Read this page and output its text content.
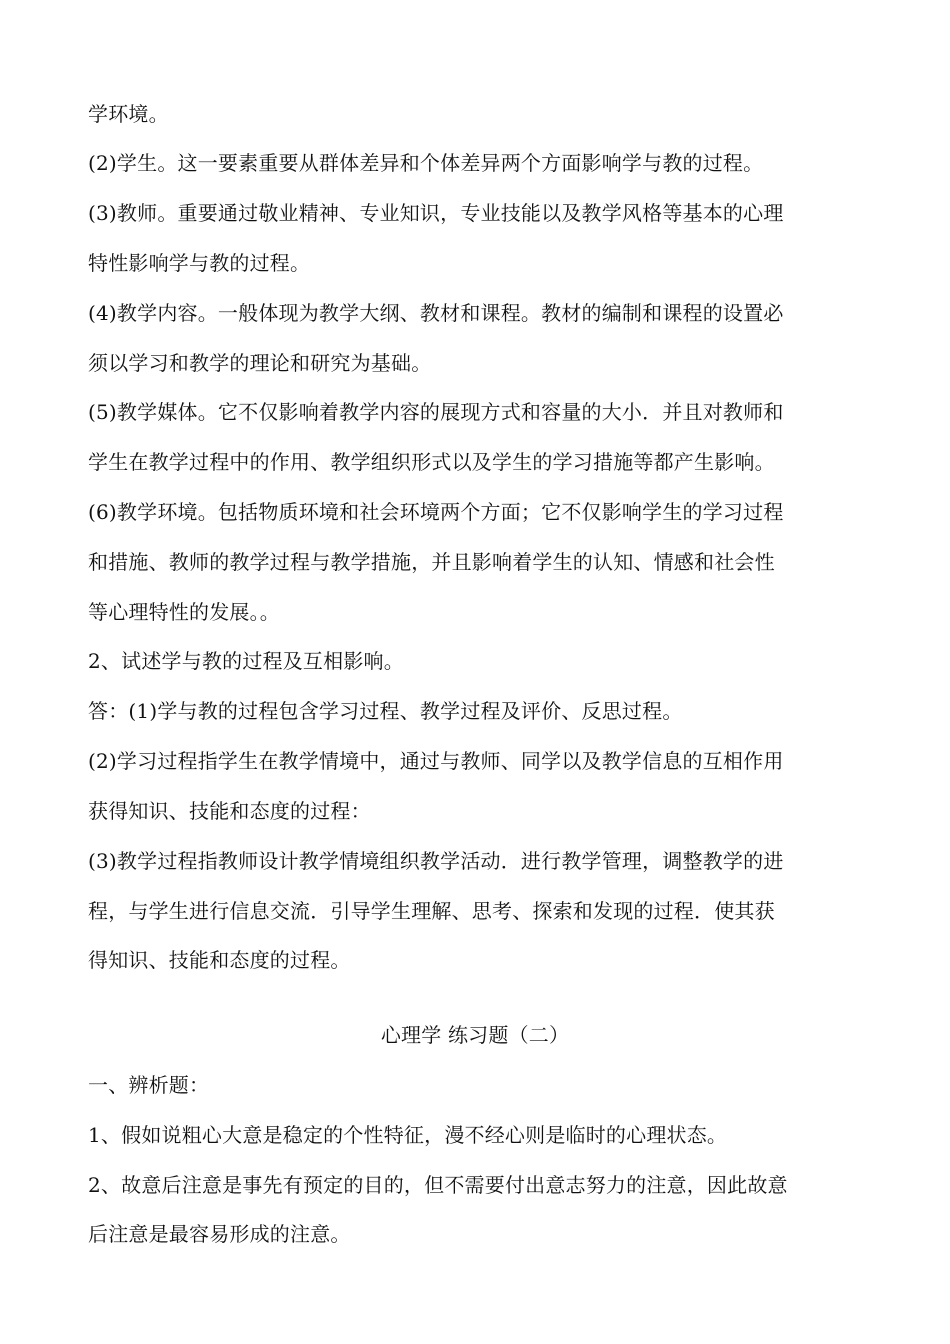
学环境。
(2)学生。这一要素重要从群体差异和个体差异两个方面影响学与教的过程。
(3)教师。重要通过敬业精神、专业知识，专业技能以及教学风格等基本的心理
特性影响学与教的过程。
(4)教学内容。一般体现为教学大纲、教材和课程。教材的编制和课程的设置必
须以学习和教学的理论和研究为基础。
(5)教学媒体。它不仅影响着教学内容的展现方式和容量的大小．并且对教师和
学生在教学过程中的作用、教学组织形式以及学生的学习措施等都产生影响。
(6)教学环境。包括物质环境和社会环境两个方面；它不仅影响学生的学习过程
和措施、教师的教学过程与教学措施，并且影响着学生的认知、情感和社会性
等心理特性的发展。。
2、试述学与教的过程及互相影响。
答：(1)学与教的过程包含学习过程、教学过程及评价、反思过程。
(2)学习过程指学生在教学情境中，通过与教师、同学以及教学信息的互相作用
获得知识、技能和态度的过程：
(3)教学过程指教师设计教学情境组织教学活动．进行教学管理，调整教学的进
程，与学生进行信息交流．引导学生理解、思考、探索和发现的过程．使其获
得知识、技能和态度的过程。
心理学 练习题（二）
一、辨析题：
1、假如说粗心大意是稳定的个性特征，漫不经心则是临时的心理状态。
2、故意后注意是事先有预定的目的，但不需要付出意志努力的注意，因此故意
后注意是最容易形成的注意。
